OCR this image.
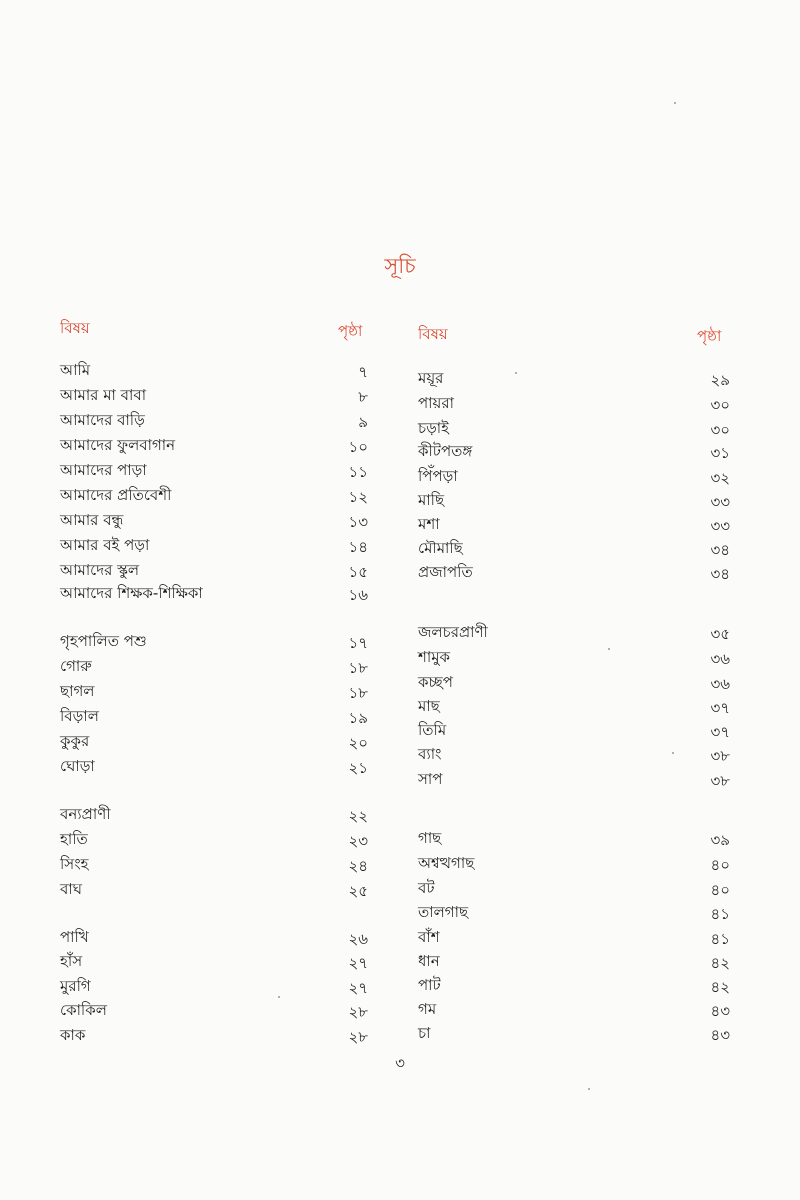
সূচি
বিষয়	পৃষ্ঠা	বিষয়	পৃষ্ঠা
আমি	৭
আমার মা বাবা	৮
আমাদের বাড়ি	৯
আমাদের ফুলবাগান	১০
আমাদের পাড়া	১১
আমাদের প্রতিবেশী	১২
আমার বন্ধু	১৩
আমার বই পড়া	১৪
আমাদের স্কুল	১৫
আমাদের শিক্ষক-শিক্ষিকা	১৬
গৃহপালিত পশু	১৭
গোরু	১৮
ছাগল	১৮
বিড়াল	১৯
কুকুর	২০
ঘোড়া	২১
বন্যপ্রাণী	২২
হাতি	২৩
সিংহ	২৪
বাঘ	২৫
পাখি	২৬
হাঁস	২৭
মুরগি	২৭
কোকিল	২৮
কাক	২৮
ময়ূর	২৯
পায়রা	৩০
চড়াই	৩০
কীটপতঙ্গ	৩১
পিঁপড়া	৩২
মাছি	৩৩
মশা	৩৩
মৌমাছি	৩৪
প্রজাপতি	৩৪
জলচরপ্রাণী	৩৫
শামুক	৩৬
কচ্ছপ	৩৬
মাছ	৩৭
তিমি	৩৭
ব্যাং	৩৮
সাপ	৩৮
গাছ	৩৯
অশ্বত্থগাছ	৪০
বট	৪০
তালগাছ	৪১
বাঁশ	৪১
ধান	৪২
পাট	৪২
গম	৪৩
চা	৪৩
৩
